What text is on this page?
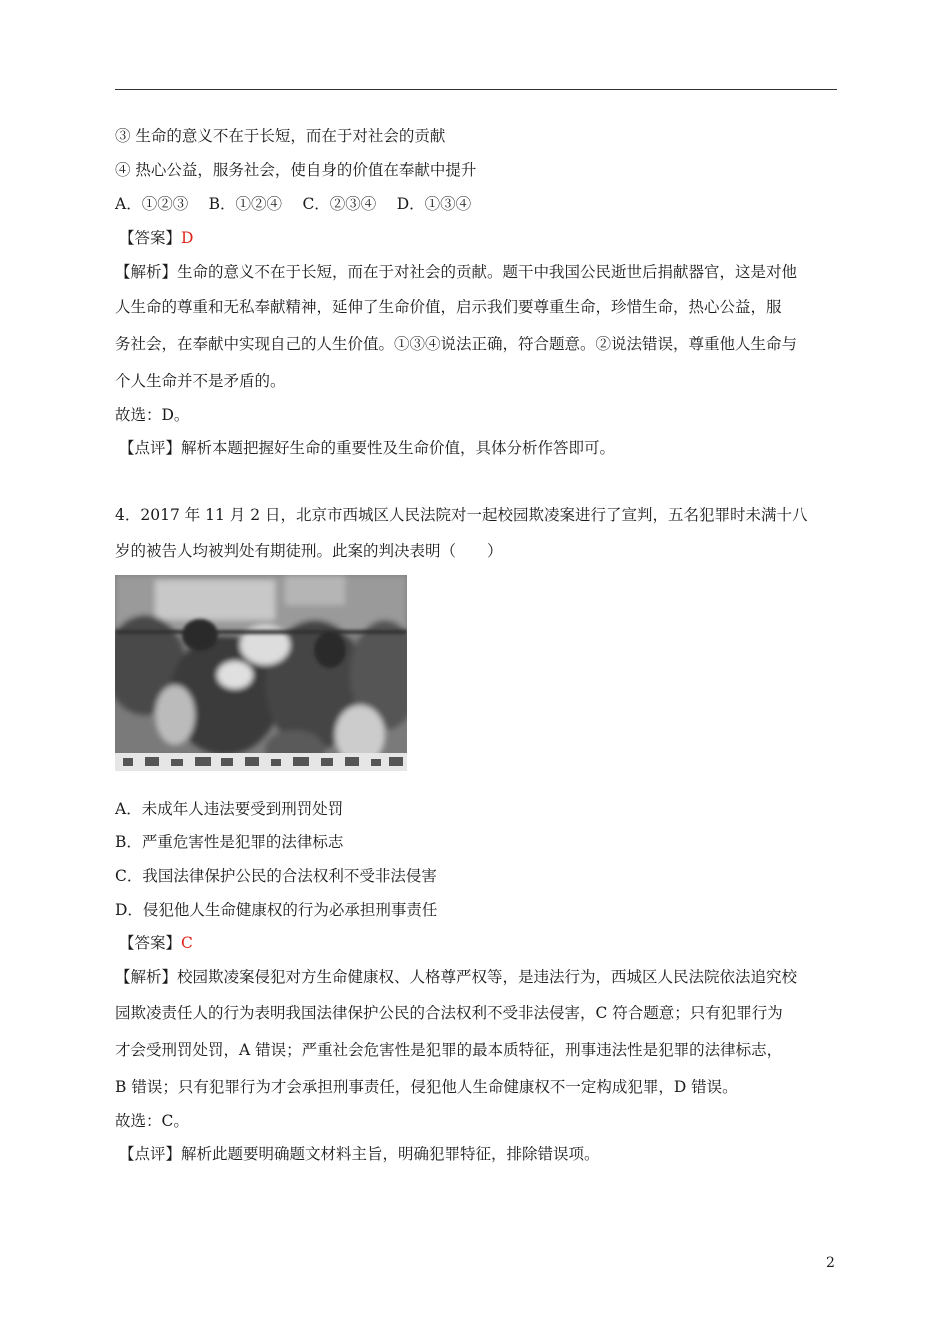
③ 生命的意义不在于长短，而在于对社会的贡献
④ 热心公益，服务社会，使自身的价值在奉献中提升
A．①②③　 B．①②④　 C．②③④　 D．①③④
【答案】D
【解析】生命的意义不在于长短，而在于对社会的贡献。题干中我国公民逝世后捐献器官，这是对他
人生命的尊重和无私奉献精神，延伸了生命价值，启示我们要尊重生命，珍惜生命，热心公益，服
务社会，在奉献中实现自己的人生价值。①③④说法正确，符合题意。②说法错误，尊重他人生命与
个人生命并不是矛盾的。
故选：D。
【点评】解析本题把握好生命的重要性及生命价值，具体分析作答即可。
4．2017 年 11 月 2 日，北京市西城区人民法院对一起校园欺凌案进行了宣判，五名犯罪时未满十八
岁的被告人均被判处有期徒刑。此案的判决表明（　　）
A．未成年人违法要受到刑罚处罚
B．严重危害性是犯罪的法律标志
C．我国法律保护公民的合法权利不受非法侵害
D．侵犯他人生命健康权的行为必承担刑事责任
【答案】C
【解析】校园欺凌案侵犯对方生命健康权、人格尊严权等，是违法行为，西城区人民法院依法追究校
园欺凌责任人的行为表明我国法律保护公民的合法权利不受非法侵害，C 符合题意；只有犯罪行为
才会受刑罚处罚，A 错误；严重社会危害性是犯罪的最本质特征，刑事违法性是犯罪的法律标志，
B 错误；只有犯罪行为才会承担刑事责任，侵犯他人生命健康权不一定构成犯罪，D 错误。
故选：C。
【点评】解析此题要明确题文材料主旨，明确犯罪特征，排除错误项。
2
